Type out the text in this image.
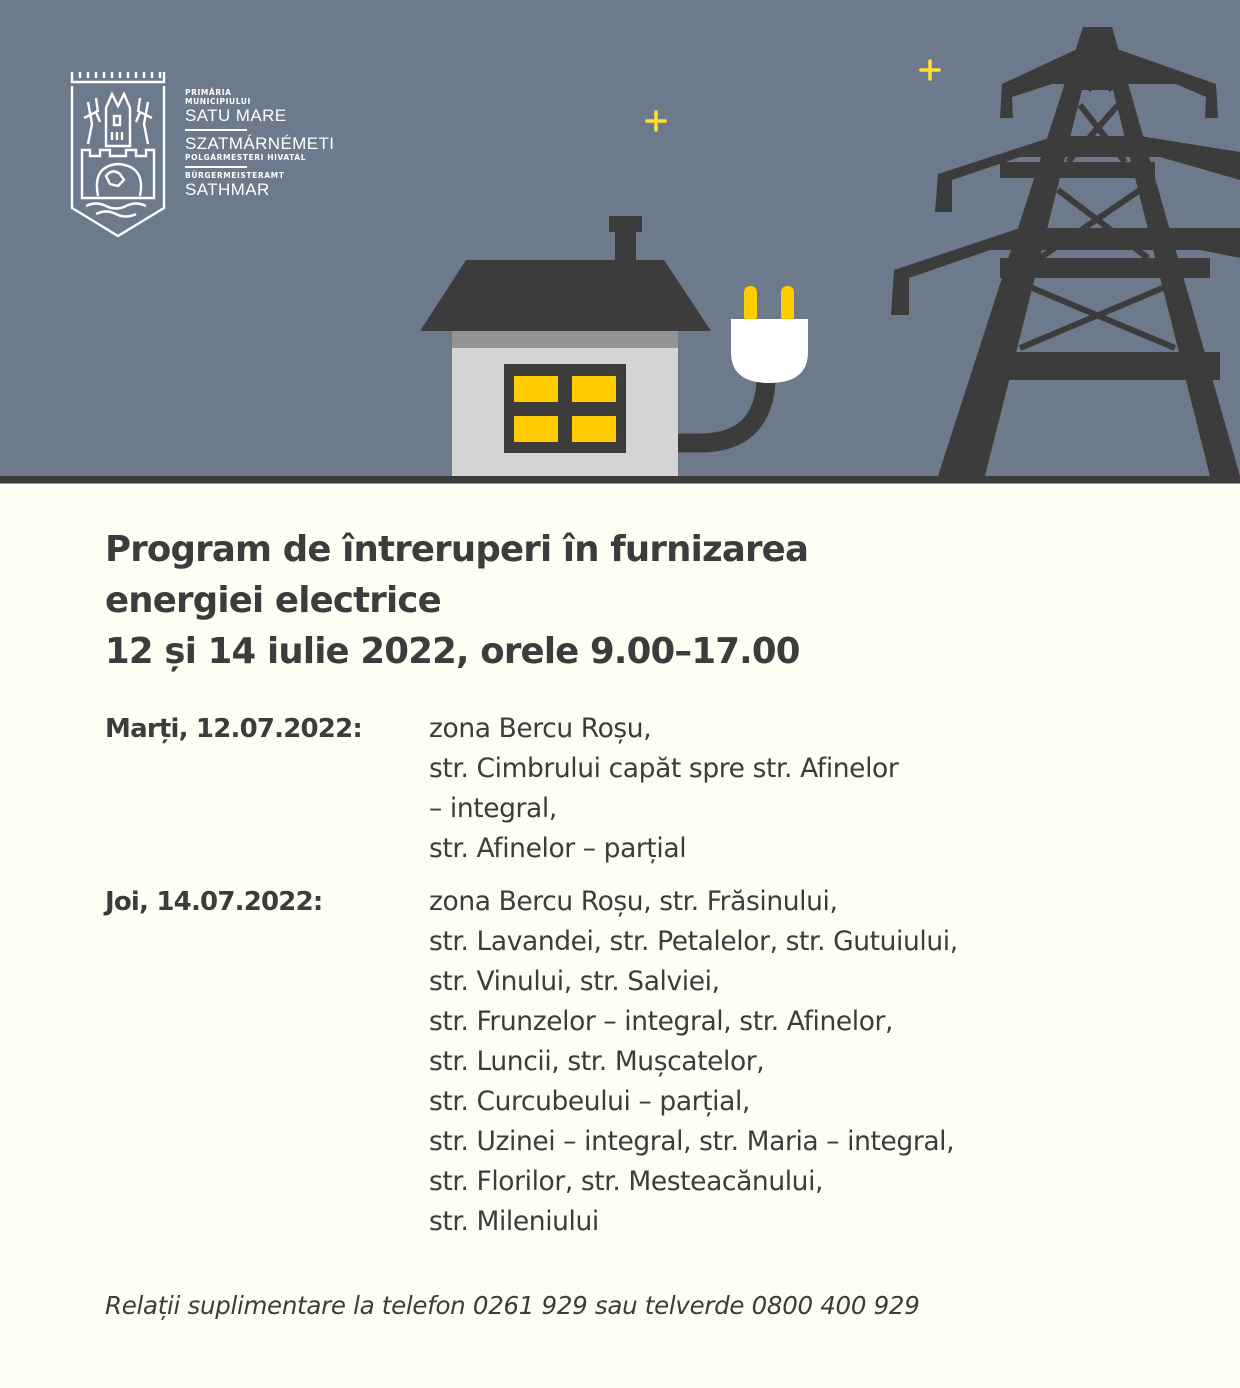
PRIMĂRIA
MUNICIPIULUI
SATU MARE
SZATMÁRNÉMETI
POLGÁRMESTERI HIVATAL
BÜRGERMEISTERAMT
SATHMAR
Program de întreruperi în furnizarea
energiei electrice
12 și 14 iulie 2022, orele 9.00–17.00
Marți, 12.07.2022:	zona Bercu Roșu,
str. Cimbrului capăt spre str. Afinelor
– integral,
str. Afinelor – parțial
Joi, 14.07.2022:	zona Bercu Roșu, str. Frăsinului,
str. Lavandei, str. Petalelor, str. Gutuiului,
str. Vinului, str. Salviei,
str. Frunzelor – integral, str. Afinelor,
str. Luncii, str. Mușcatelor,
str. Curcubeului – parțial,
str. Uzinei – integral, str. Maria – integral,
str. Florilor, str. Mesteacănului,
str. Mileniului
Relații suplimentare la telefon 0261 929 sau telverde 0800 400 929
